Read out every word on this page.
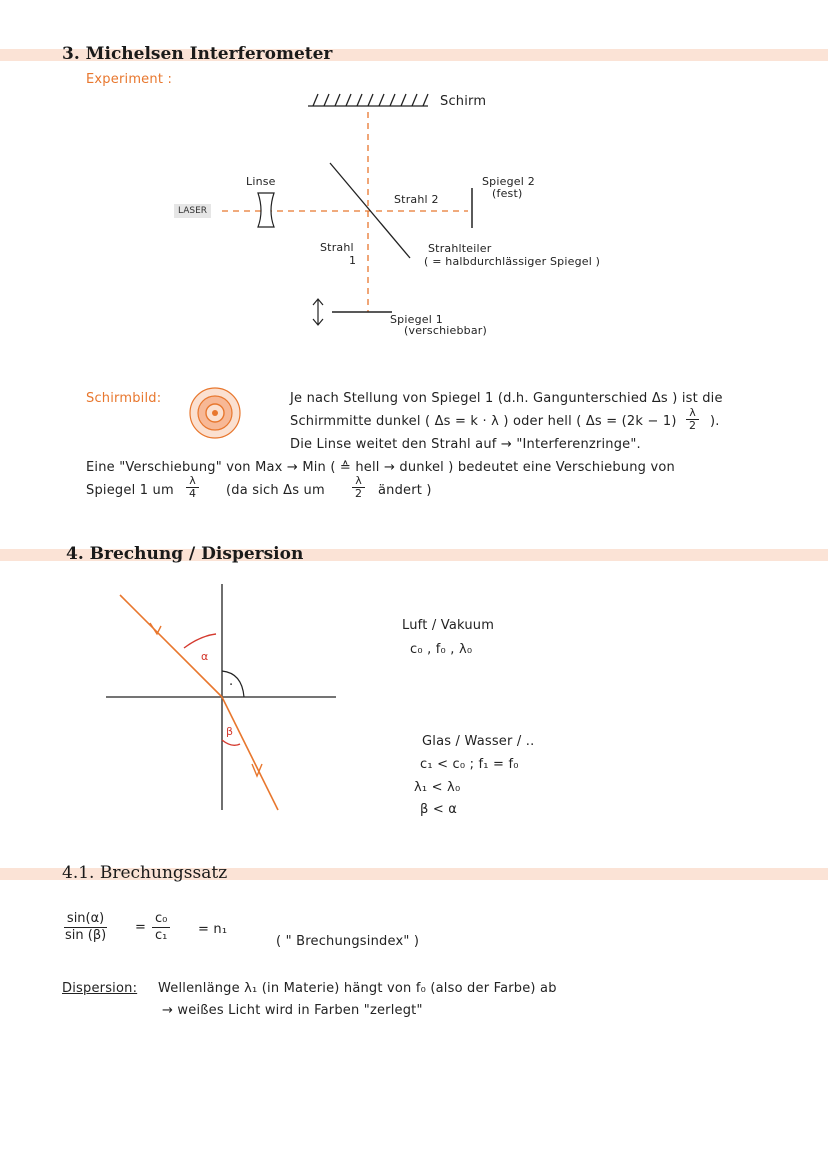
3. Michelsen Interferometer
Experiment :
Schirm
Linse
LASER
Strahl 2
Spiegel 2
(fest)
Strahl
1
Strahlteiler
( = halbdurchlässiger Spiegel )
Spiegel 1
(verschiebbar)
Schirmbild:	Je nach Stellung von Spiegel 1 (d.h. Gangunterschied Δs ) ist die
Schirmmitte dunkel ( Δs = k · λ ) oder hell ( $\Delta s = (2k - 1) \frac{\lambda}{2}$ ).
Die Linse weitet den Strahl auf → "Interferenzringe".
Eine "Verschiebung" von Max → Min ( ≙ hell → dunkel ) bedeutet eine Verschiebung von
Spiegel 1 um $\frac{\lambda}{4} (da$ sich Δs um $\frac{\lambda}{2}$ ändert )
4. Brechung / Dispersion
α
·
β
Luft / Vakuum
c₀ , f₀ , λ₀
Glas / Wasser / ..
c₁ < c₀ ; f₁ = f₀
λ₁ < λ₀
β < α
4.1. Brechungssatz
$\frac{\sin(\alpha)}{\sin (\beta)} = \frac{\text{c₀}}{\text{c₁}} = n_1$
( " Brechungsindex" )
Dispersion: Wellenlänge λ₁ (in Materie) hängt von f₀ (also der Farbe) ab
→ weißes Licht wird in Farben "zerlegt"
